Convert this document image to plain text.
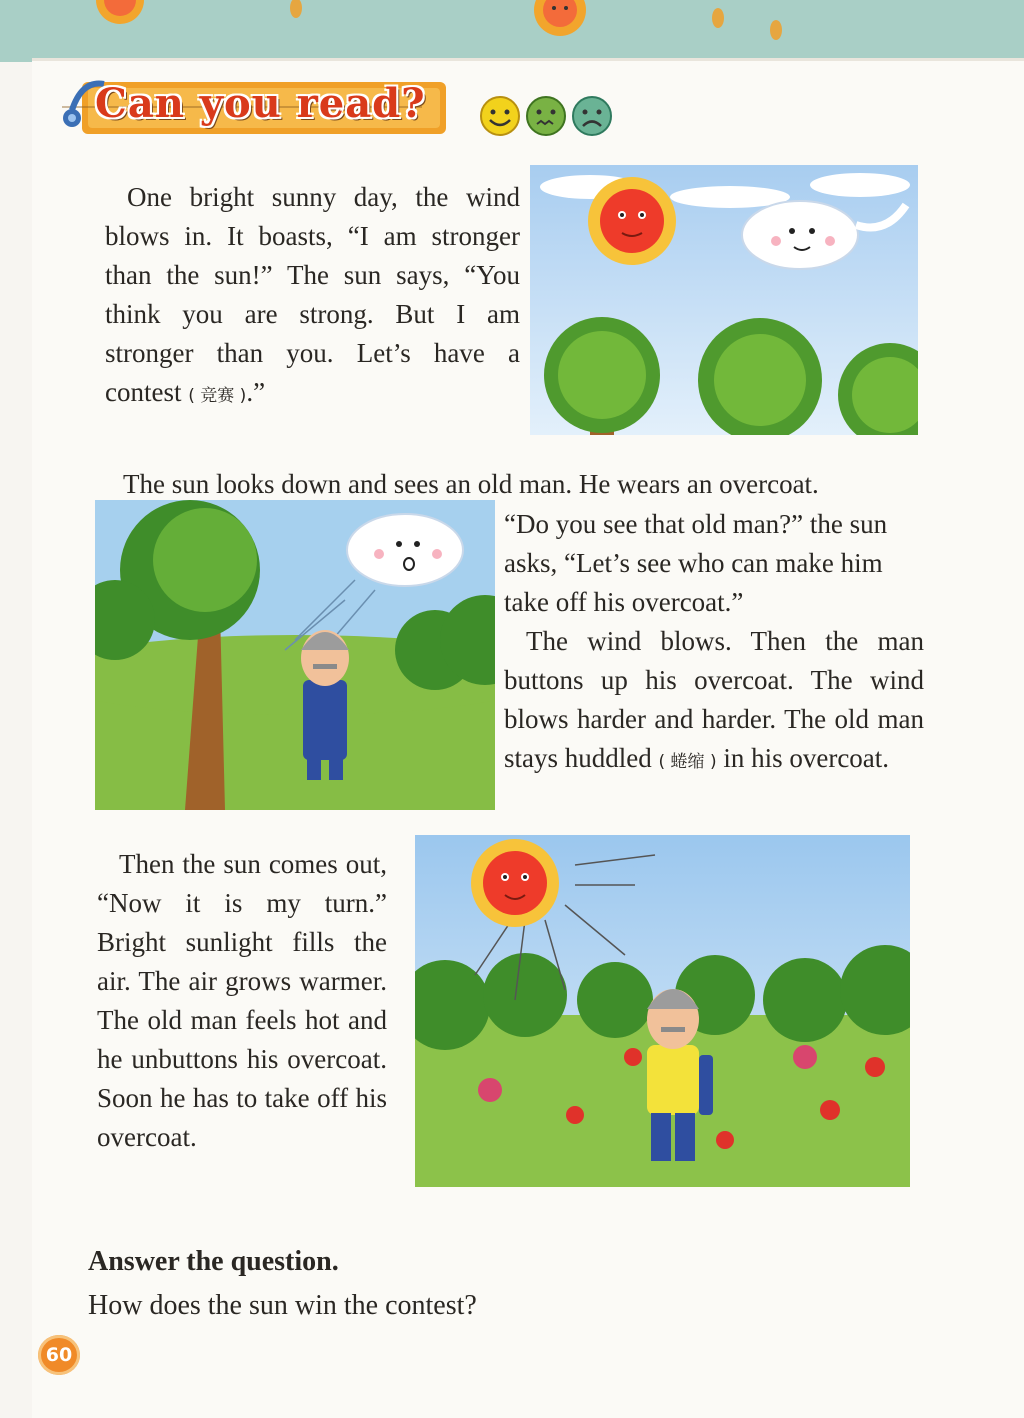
Can you read?

One bright sunny day, the wind blows in. It boasts, “I am stronger than the sun!” The sun says, “You think you are strong. But I am stronger than you. Let’s have a contest ( 竞赛 ).”

The sun looks down and sees an old man. He wears an overcoat.

“Do you see that old man?” the sun asks, “Let’s see who can make him take off his overcoat.”

The wind blows. Then the man buttons up his overcoat. The wind blows harder and harder. The old man stays huddled ( 蜷缩 ) in his overcoat.

Then the sun comes out, “Now it is my turn.” Bright sunlight fills the air. The air grows warmer. The old man feels hot and he unbuttons his overcoat. Soon he has to take off his overcoat.

Answer the question.

How does the sun win the contest?

60
